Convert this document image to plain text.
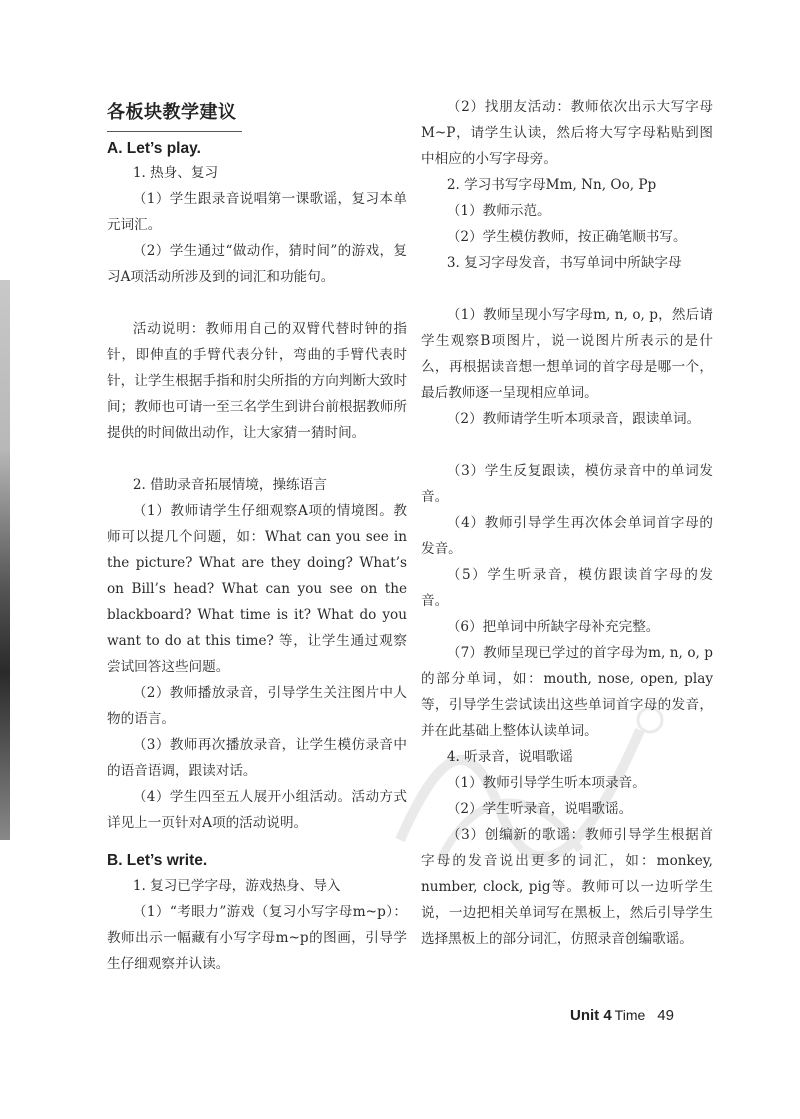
各板块教学建议
A. Let’s play.

1. 热身、复习

（1）学生跟录音说唱第一课歌谣，复习本单元词汇。

（2）学生通过“做动作，猜时间”的游戏，复习A项活动所涉及到的词汇和功能句。

活动说明：教师用自己的双臂代替时钟的指针，即伸直的手臂代表分针，弯曲的手臂代表时针，让学生根据手指和肘尖所指的方向判断大致时间；教师也可请一至三名学生到讲台前根据教师所提供的时间做出动作，让大家猜一猜时间。

2. 借助录音拓展情境，操练语言

（1）教师请学生仔细观察A项的情境图。教师可以提几个问题，如：What can you see in the picture? What are they doing? What’s on Bill’s head? What can you see on the blackboard? What time is it? What do you want to do at this time? 等，让学生通过观察尝试回答这些问题。

（2）教师播放录音，引导学生关注图片中人物的语言。

（3）教师再次播放录音，让学生模仿录音中的语音语调，跟读对话。

（4）学生四至五人展开小组活动。活动方式详见上一页针对A项的活动说明。

B. Let’s write.

1. 复习已学字母，游戏热身、导入

（1）“考眼力”游戏（复习小写字母m~p）：教师出示一幅藏有小写字母m~p的图画，引导学生仔细观察并认读。

（2）找朋友活动：教师依次出示大写字母M~P，请学生认读，然后将大写字母粘贴到图中相应的小写字母旁。

2. 学习书写字母Mm, Nn, Oo, Pp

（1）教师示范。

（2）学生模仿教师，按正确笔顺书写。

3. 复习字母发音，书写单词中所缺字母

（1）教师呈现小写字母m, n, o, p，然后请学生观察B项图片，说一说图片所表示的是什么，再根据读音想一想单词的首字母是哪一个，最后教师逐一呈现相应单词。

（2）教师请学生听本项录音，跟读单词。

（3）学生反复跟读，模仿录音中的单词发音。

（4）教师引导学生再次体会单词首字母的发音。

（5）学生听录音，模仿跟读首字母的发音。

（6）把单词中所缺字母补充完整。

（7）教师呈现已学过的首字母为m, n, o, p的部分单词，如：mouth, nose, open, play等，引导学生尝试读出这些单词首字母的发音，并在此基础上整体认读单词。

4. 听录音，说唱歌谣

（1）教师引导学生听本项录音。

（2）学生听录音，说唱歌谣。

（3）创编新的歌谣：教师引导学生根据首字母的发音说出更多的词汇，如：monkey, number, clock, pig等。教师可以一边听学生说，一边把相关单词写在黑板上，然后引导学生选择黑板上的部分词汇，仿照录音创编歌谣。

Unit 4 Time 49
